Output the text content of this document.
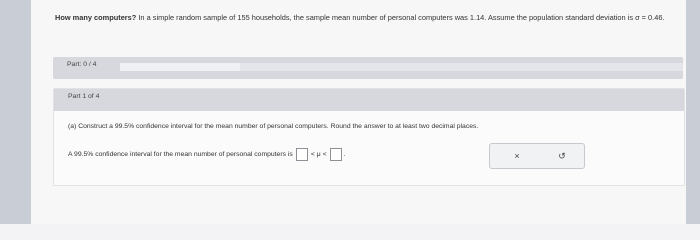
How many computers? In a simple random sample of 155 households, the sample mean number of personal computers was 1.14. Assume the population standard deviation is σ = 0.46.
Part: 0 / 4
Part 1 of 4
(a) Construct a 99.5% confidence interval for the mean number of personal computers. Round the answer to at least two decimal places.
A 99.5% confidence interval for the mean number of personal computers is	< μ <	.	×	↺
